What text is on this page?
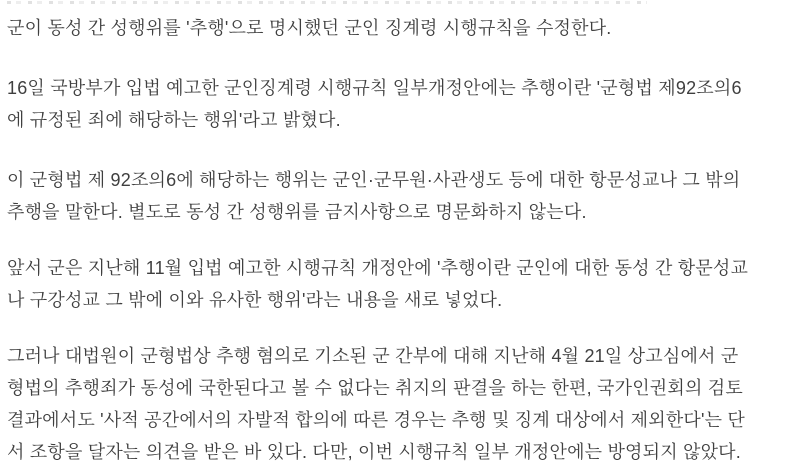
군이 동성 간 성행위를 '추행'으로 명시했던 군인 징계령 시행규칙을 수정한다.

16일 국방부가 입법 예고한 군인징계령 시행규칙 일부개정안에는 추행이란 '군형법 제92조의6
에 규정된 죄에 해당하는 행위'라고 밝혔다.

이 군형법 제 92조의6에 해당하는 행위는 군인·군무원·사관생도 등에 대한 항문성교나 그 밖의
추행을 말한다. 별도로 동성 간 성행위를 금지사항으로 명문화하지 않는다.

앞서 군은 지난해 11월 입법 예고한 시행규칙 개정안에 '추행이란 군인에 대한 동성 간 항문성교
나 구강성교 그 밖에 이와 유사한 행위'라는 내용을 새로 넣었다.

그러나 대법원이 군형법상 추행 혐의로 기소된 군 간부에 대해 지난해 4월 21일 상고심에서 군
형법의 추행죄가 동성에 국한된다고 볼 수 없다는 취지의 판결을 하는 한편, 국가인권회의 검토
결과에서도 '사적 공간에서의 자발적 합의에 따른 경우는 추행 및 징계 대상에서 제외한다'는 단
서 조항을 달자는 의견을 받은 바 있다. 다만, 이번 시행규칙 일부 개정안에는 방영되지 않았다.
